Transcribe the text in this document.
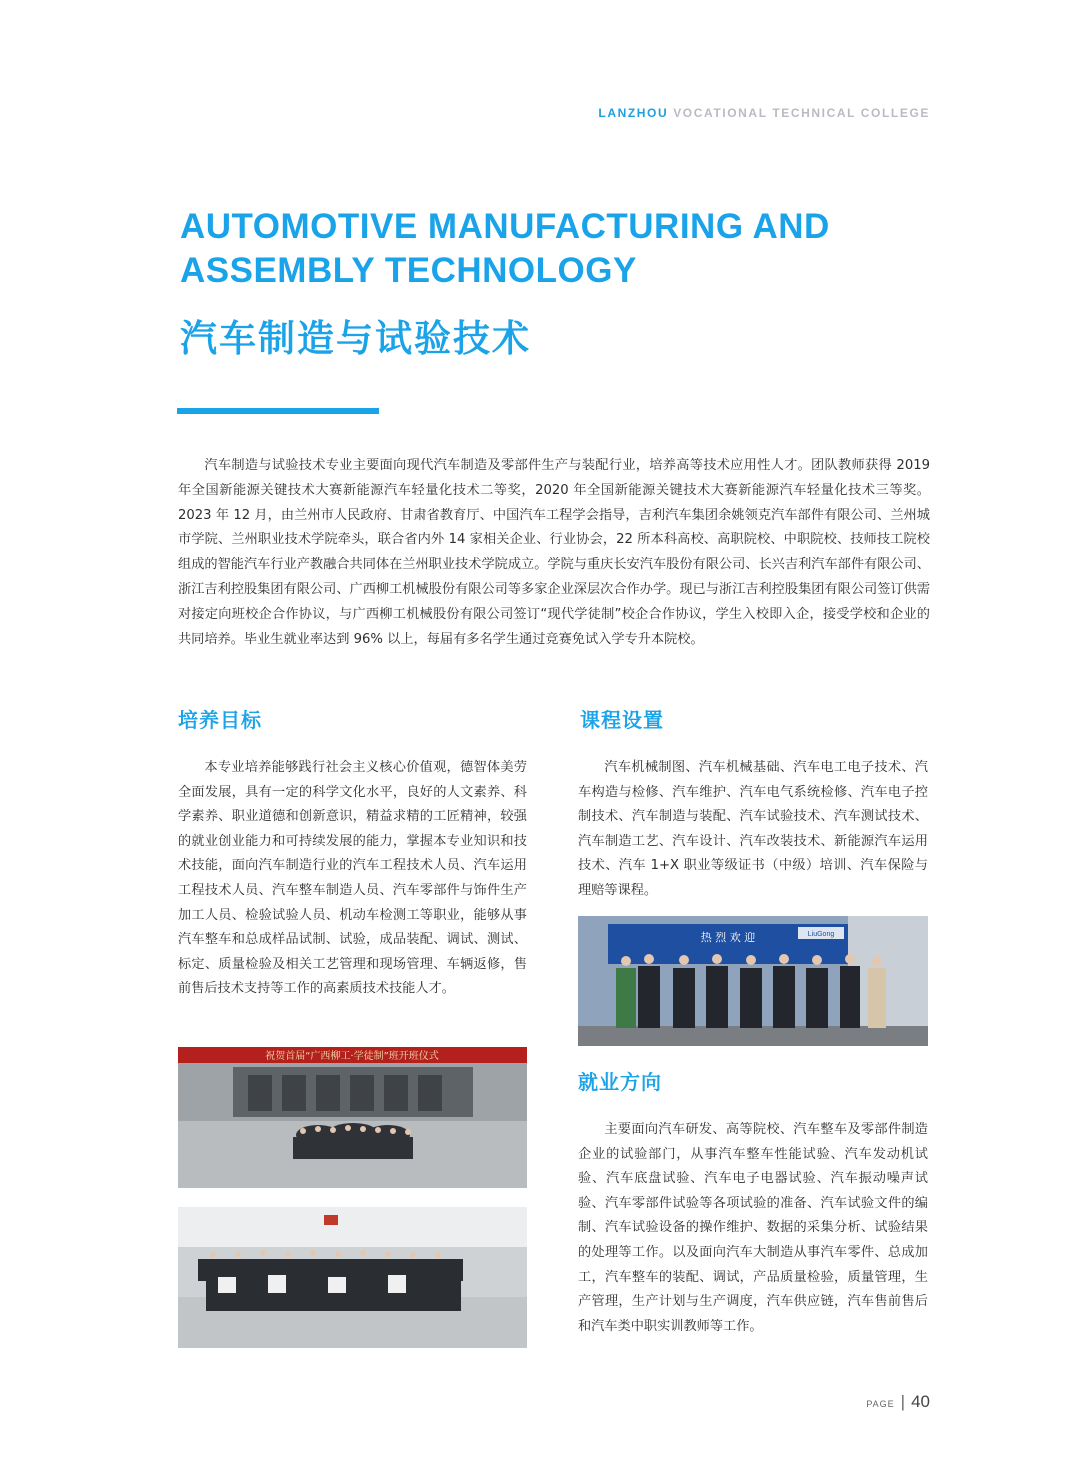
LANZHOU VOCATIONAL TECHNICAL COLLEGE
AUTOMOTIVE MANUFACTURING AND ASSEMBLY TECHNOLOGY
汽车制造与试验技术

汽车制造与试验技术专业主要面向现代汽车制造及零部件生产与装配行业，培养高等技术应用性人才。团队教师获得 2019 年全国新能源关键技术大赛新能源汽车轻量化技术二等奖，2020 年全国新能源关键技术大赛新能源汽车轻量化技术三等奖。2023 年 12 月，由兰州市人民政府、甘肃省教育厅、中国汽车工程学会指导，吉利汽车集团余姚领克汽车部件有限公司、兰州城市学院、兰州职业技术学院牵头，联合省内外 14 家相关企业、行业协会，22 所本科高校、高职院校、中职院校、技师技工院校组成的智能汽车行业产教融合共同体在兰州职业技术学院成立。学院与重庆长安汽车股份有限公司、长兴吉利汽车部件有限公司、浙江吉利控股集团有限公司、广西柳工机械股份有限公司等多家企业深层次合作办学。现已与浙江吉利控股集团有限公司签订供需对接定向班校企合作协议，与广西柳工机械股份有限公司签订“现代学徒制”校企合作协议，学生入校即入企，接受学校和企业的共同培养。毕业生就业率达到 96% 以上，每届有多名学生通过竞赛免试入学专升本院校。

培养目标

本专业培养能够践行社会主义核心价值观，德智体美劳全面发展，具有一定的科学文化水平，良好的人文素养、科学素养、职业道德和创新意识，精益求精的工匠精神，较强的就业创业能力和可持续发展的能力，掌握本专业知识和技术技能，面向汽车制造行业的汽车工程技术人员、汽车运用工程技术人员、汽车整车制造人员、汽车零部件与饰件生产加工人员、检验试验人员、机动车检测工等职业，能够从事汽车整车和总成样品试制、试验，成品装配、调试、测试、标定、质量检验及相关工艺管理和现场管理、车辆返修，售前售后技术支持等工作的高素质技术技能人才。

课程设置

汽车机械制图、汽车机械基础、汽车电工电子技术、汽车构造与检修、汽车维护、汽车电气系统检修、汽车电子控制技术、汽车制造与装配、汽车试验技术、汽车测试技术、汽车制造工艺、汽车设计、汽车改装技术、新能源汽车运用技术、汽车 1+X 职业等级证书（中级）培训、汽车保险与理赔等课程。

就业方向

主要面向汽车研发、高等院校、汽车整车及零部件制造企业的试验部门，从事汽车整车性能试验、汽车发动机试验、汽车底盘试验、汽车电子电器试验、汽车振动噪声试验、汽车零部件试验等各项试验的准备、汽车试验文件的编制、汽车试验设备的操作维护、数据的采集分析、试验结果的处理等工作。以及面向汽车大制造从事汽车零件、总成加工，汽车整车的装配、调试，产品质量检验，质量管理，生产管理，生产计划与生产调度，汽车供应链，汽车售前售后和汽车类中职实训教师等工作。

祝贺首届“广西柳工·学徒制”班开班仪式
热 烈 欢 迎	LiuGong
PAGE | 40
